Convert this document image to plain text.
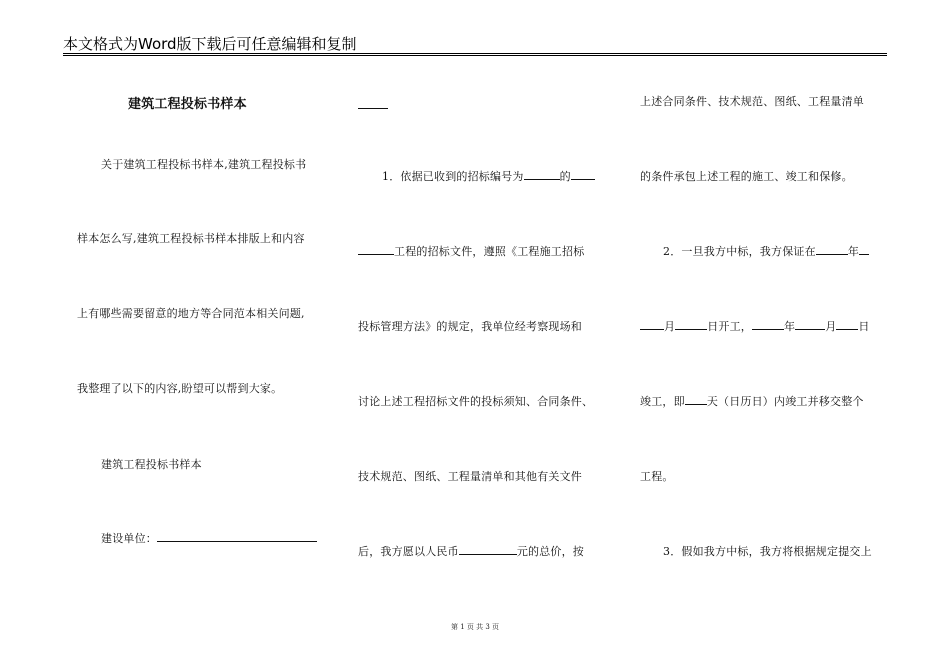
本文格式为Word版下载后可任意编辑和复制
建筑工程投标书样本
关于建筑工程投标书样本,建筑工程投标书
样本怎么写,建筑工程投标书样本排版上和内容
上有哪些需要留意的地方等合同范本相关问题,
我整理了以下的内容,盼望可以帮到大家。
建筑工程投标书样本
建设单位：
1．依据已收到的招标编号为	的
工程的招标文件，遵照《工程施工招标
投标管理方法》的规定，我单位经考察现场和
讨论上述工程招标文件的投标须知、合同条件、
技术规范、图纸、工程量清单和其他有关文件
后，我方愿以人民币	元的总价，按
上述合同条件、技术规范、图纸、工程量清单
的条件承包上述工程的施工、竣工和保修。
2．一旦我方中标，我方保证在	年
月	日开工，	年	月 日
竣工，即 天（日历日）内竣工并移交整个
工程。
3．假如我方中标，我方将根据规定提交上
第 1 页 共 3 页
